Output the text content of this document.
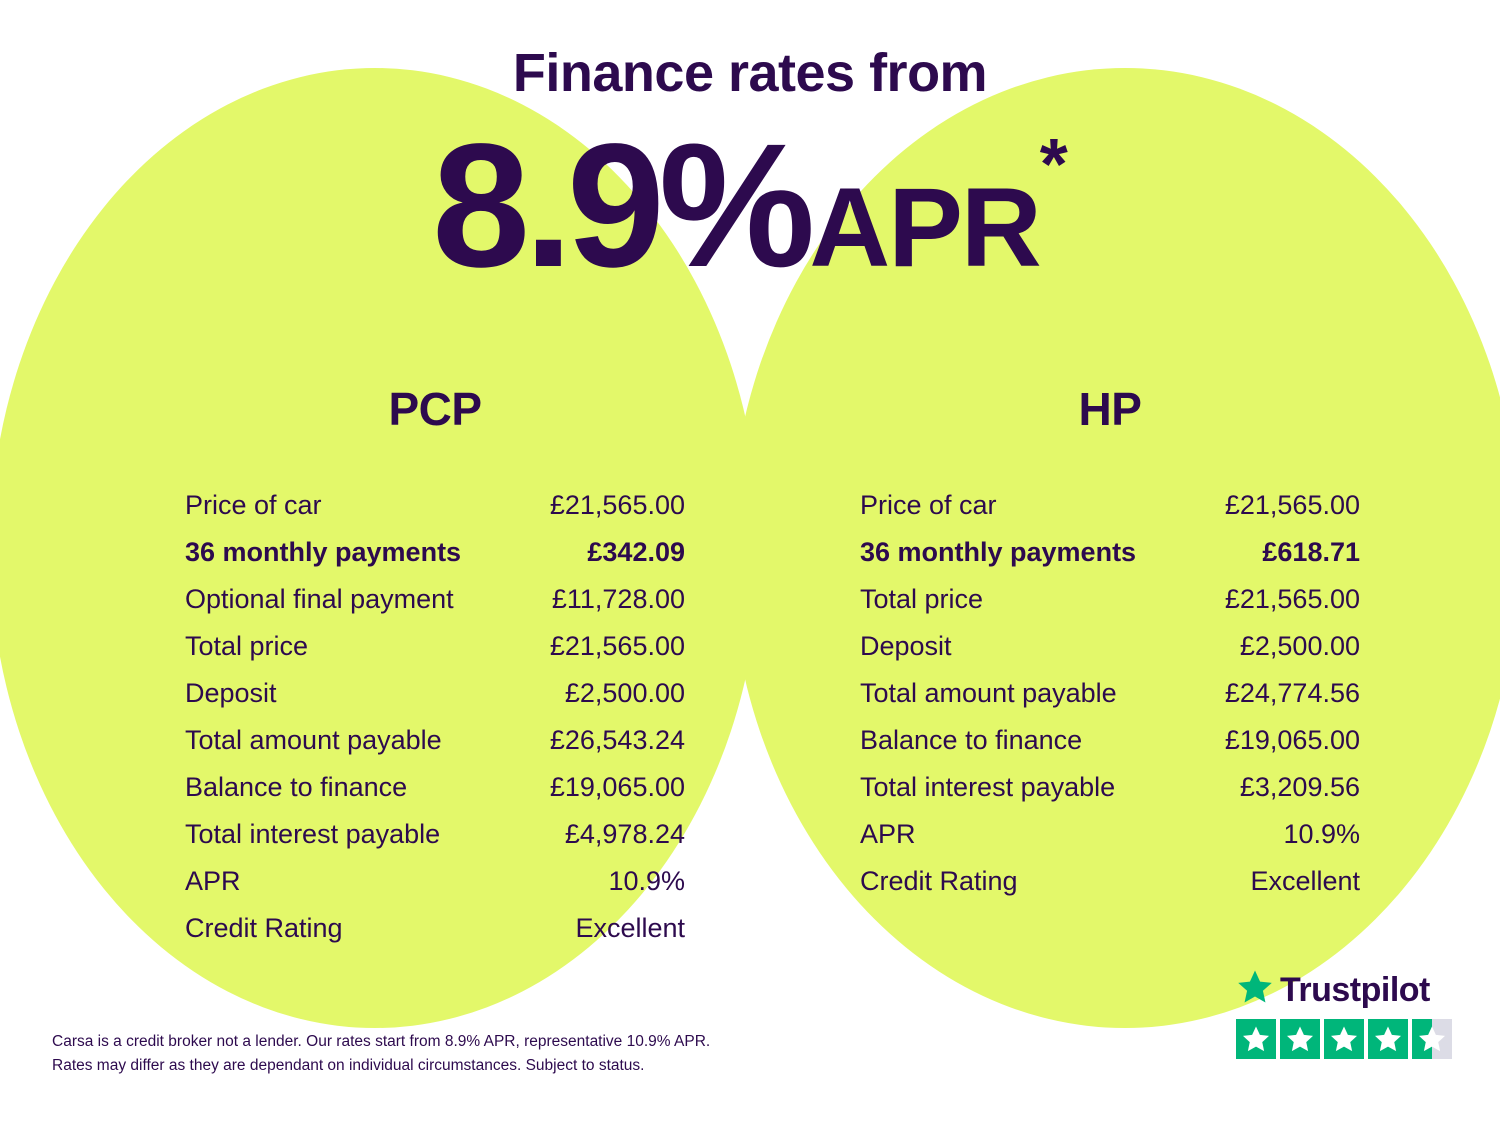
Finance rates from
8.9%APR*
PCP
Price of car	£21,565.00
36 monthly payments	£342.09
Optional final payment	£11,728.00
Total price	£21,565.00
Deposit	£2,500.00
Total amount payable	£26,543.24
Balance to finance	£19,065.00
Total interest payable	£4,978.24
APR	10.9%
Credit Rating	Excellent
HP
Price of car	£21,565.00
36 monthly payments	£618.71
Total price	£21,565.00
Deposit	£2,500.00
Total amount payable	£24,774.56
Balance to finance	£19,065.00
Total interest payable	£3,209.56
APR	10.9%
Credit Rating	Excellent
Carsa is a credit broker not a lender. Our rates start from 8.9% APR, representative 10.9% APR.
Rates may differ as they are dependant on individual circumstances. Subject to status.
Trustpilot
